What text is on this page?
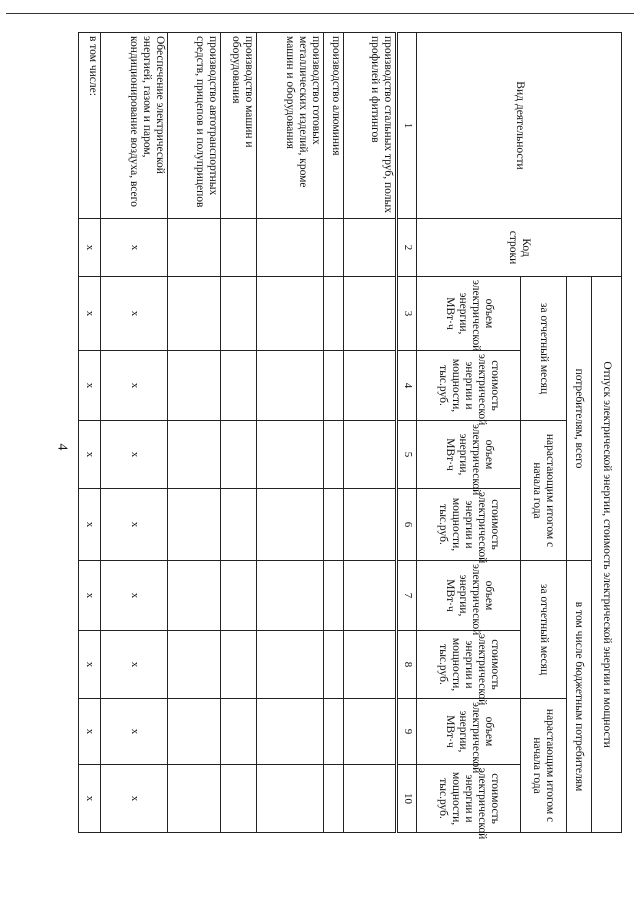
4
Вид деятельности	Код строки	Отпуск электрической энергии, стоимость электрической энергии и мощности							
		потребителям, всего				в том числе бюджетным потребителям			
		за отчетный месяц		нарастающим итогом с начала года		за отчетный месяц		нарастающим итогом с начала года	
		объем электрической энергии, МВт·ч	стоимость электрической энергии и мощности, тыс.руб.	объем электрической энергии, МВт·ч	стоимость электрической энергии и мощности, тыс.руб.	объем электрической энергии, МВт·ч	стоимость электрической энергии и мощности, тыс.руб.	объем электрической энергии, МВт·ч	стоимость электрической энергии и мощности, тыс.руб.
1	2	3	4	5	6	7	8	9	10
производство стальных труб, полых профилей и фитингов									
производство алюминия									
производство готовых металлических изделий, кроме машин и оборудования									
производство машин и оборудования									
производство автотранспортных средств, прицепов и полуприцепов									
Обеспечение электрической энергией, газом и паром, кондиционирование воздуха, всего	x	x	x	x	x	x	x	x	x
в том числе:	x	x	x	x	x	x	x	x	x
